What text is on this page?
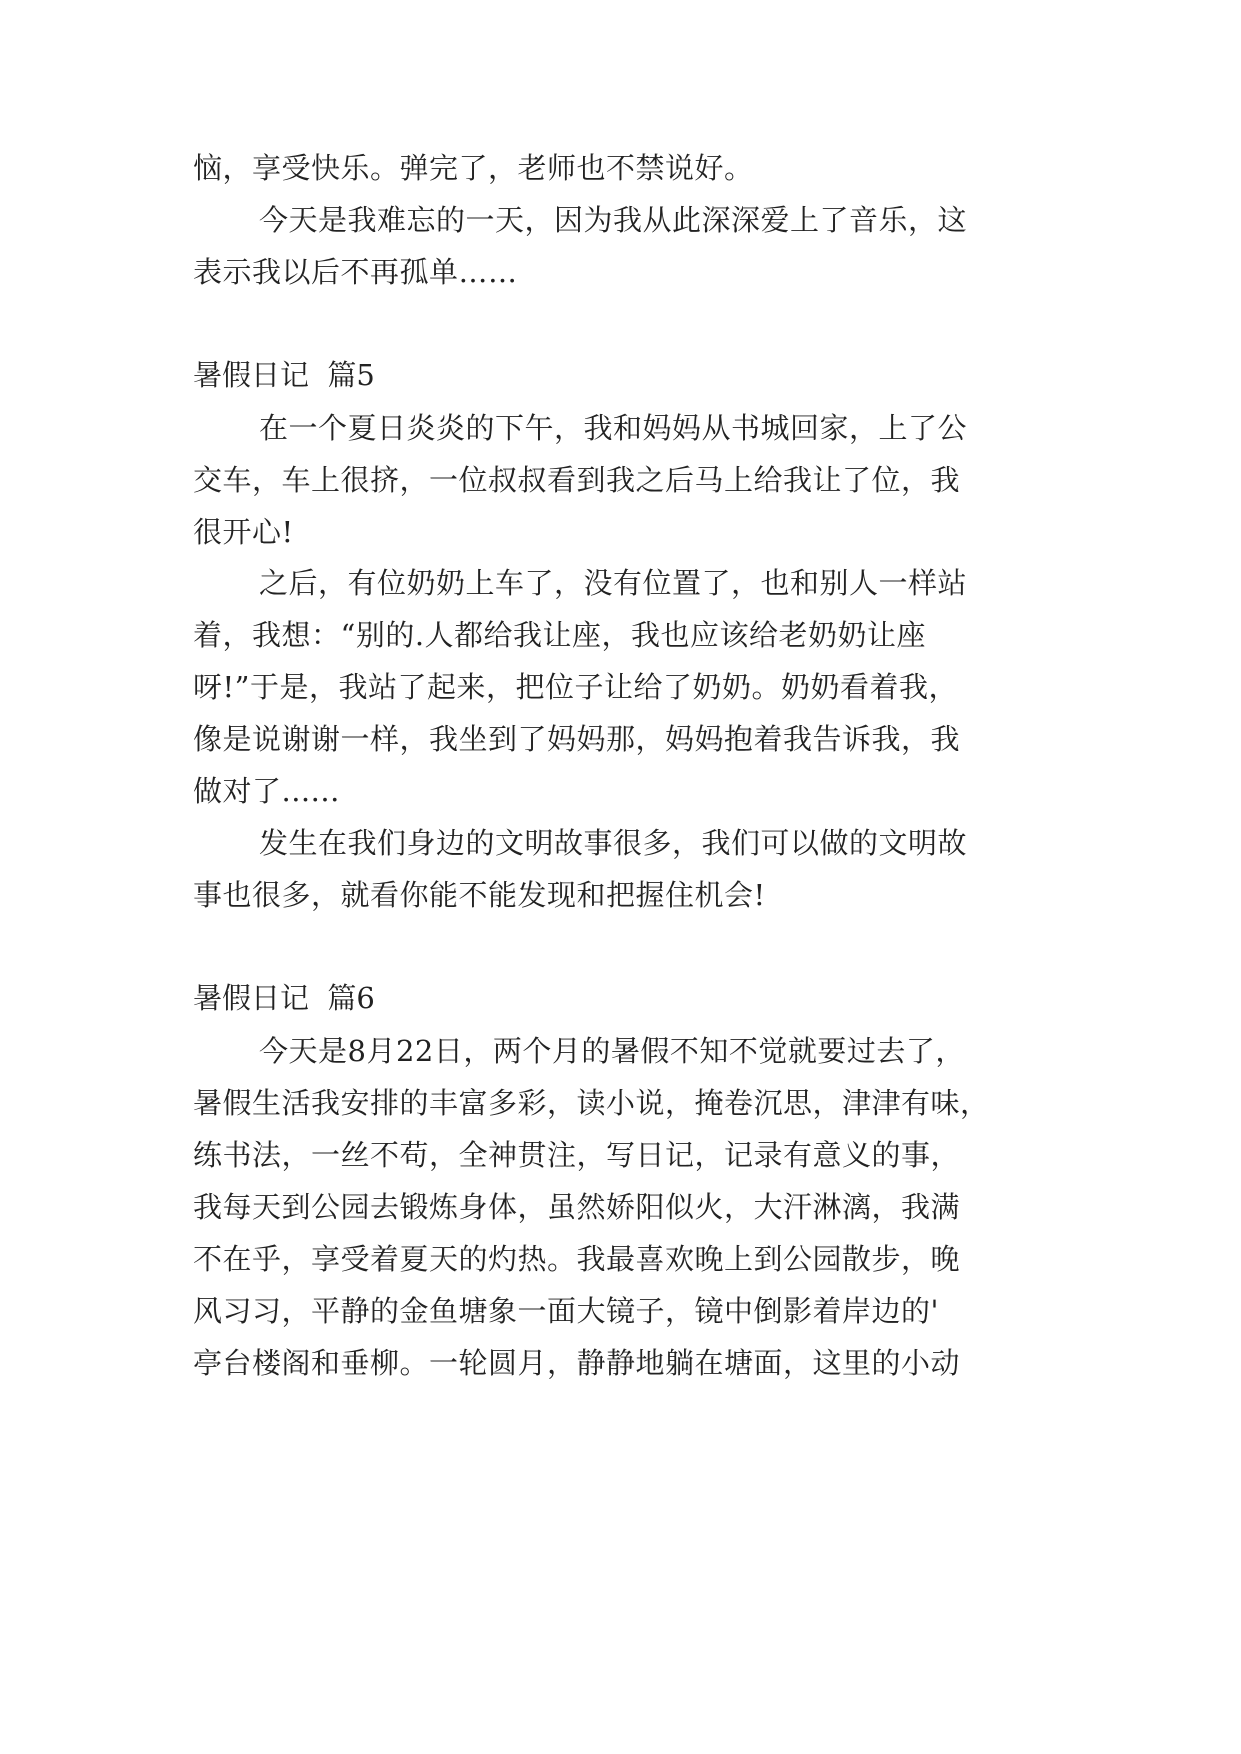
恼，享受快乐。弹完了，老师也不禁说好。
今天是我难忘的一天，因为我从此深深爱上了音乐，这
表示我以后不再孤单……
暑假日记  篇5
在一个夏日炎炎的下午，我和妈妈从书城回家，上了公
交车，车上很挤，一位叔叔看到我之后马上给我让了位，我
很开心!
之后，有位奶奶上车了，没有位置了，也和别人一样站
着，我想：“别的.人都给我让座，我也应该给老奶奶让座
呀!”于是，我站了起来，把位子让给了奶奶。奶奶看着我，
像是说谢谢一样，我坐到了妈妈那，妈妈抱着我告诉我，我
做对了......
发生在我们身边的文明故事很多，我们可以做的文明故
事也很多，就看你能不能发现和把握住机会!
暑假日记  篇6
今天是8月22日，两个月的暑假不知不觉就要过去了，
暑假生活我安排的丰富多彩，读小说，掩卷沉思，津津有味，
练书法，一丝不苟，全神贯注，写日记，记录有意义的事，
我每天到公园去锻炼身体，虽然娇阳似火，大汗淋漓，我满
不在乎，享受着夏天的灼热。我最喜欢晚上到公园散步，晚
风习习，平静的金鱼塘象一面大镜子，镜中倒影着岸边的'
亭台楼阁和垂柳。一轮圆月，静静地躺在塘面，这里的小动
